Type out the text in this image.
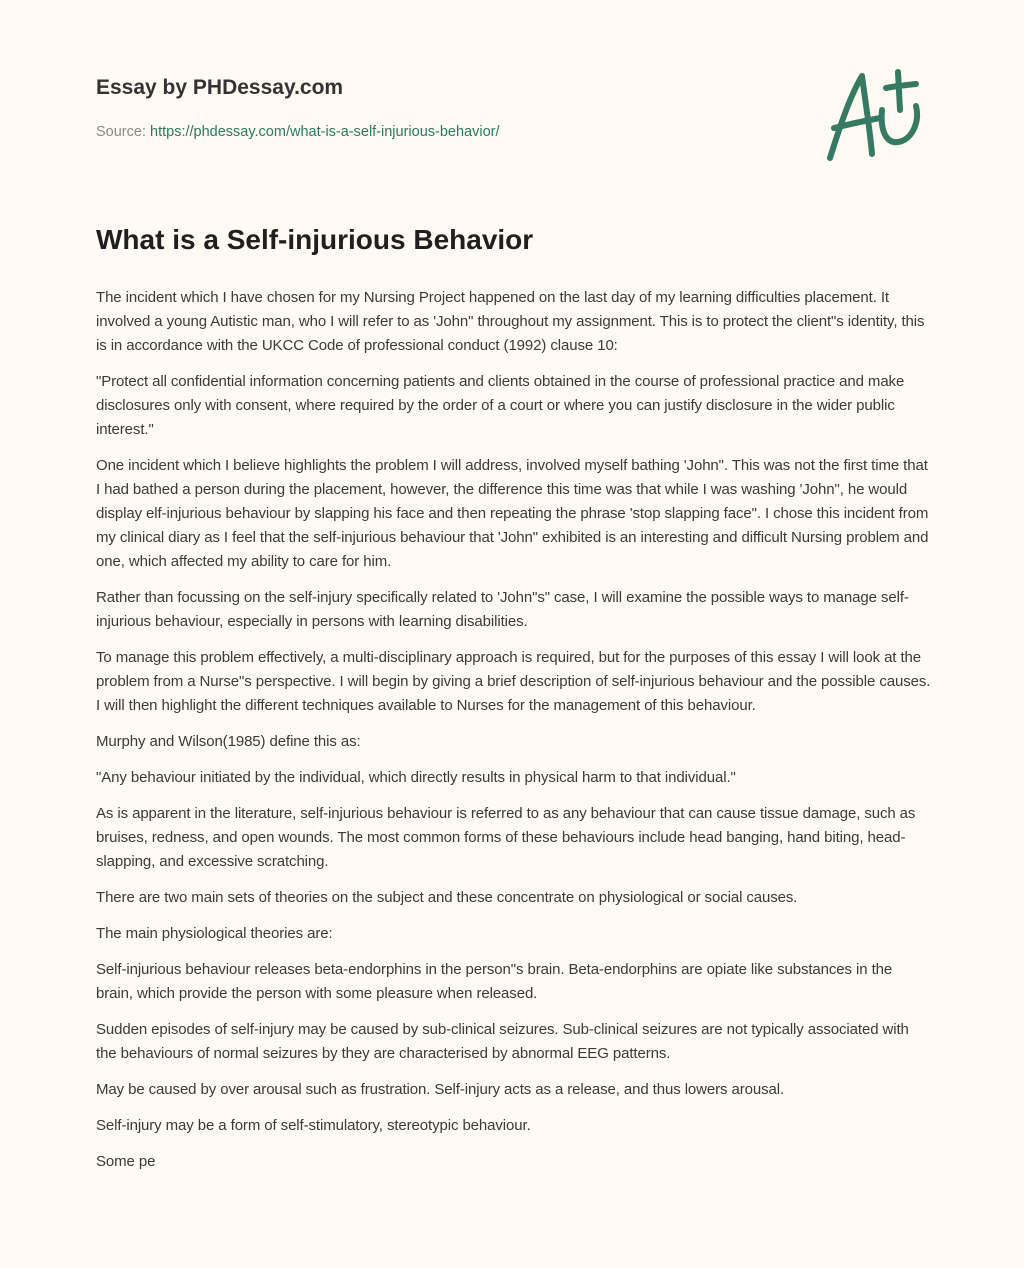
Essay by PHDessay.com
Source: https://phdessay.com/what-is-a-self-injurious-behavior/
What is a Self-injurious Behavior

The incident which I have chosen for my Nursing Project happened on the last day of my learning difficulties placement. It involved a young Autistic man, who I will refer to as 'John" throughout my assignment. This is to protect the client"s identity, this is in accordance with the UKCC Code of professional conduct (1992) clause 10:

"Protect all confidential information concerning patients and clients obtained in the course of professional practice and make disclosures only with consent, where required by the order of a court or where you can justify disclosure in the wider public interest."

One incident which I believe highlights the problem I will address, involved myself bathing 'John". This was not the first time that I had bathed a person during the placement, however, the difference this time was that while I was washing 'John", he would display elf-injurious behaviour by slapping his face and then repeating the phrase 'stop slapping face". I chose this incident from my clinical diary as I feel that the self-injurious behaviour that 'John" exhibited is an interesting and difficult Nursing problem and one, which affected my ability to care for him.

Rather than focussing on the self-injury specifically related to 'John"s" case, I will examine the possible ways to manage self-injurious behaviour, especially in persons with learning disabilities.

To manage this problem effectively, a multi-disciplinary approach is required, but for the purposes of this essay I will look at the problem from a Nurse"s perspective. I will begin by giving a brief description of self-injurious behaviour and the possible causes. I will then highlight the different techniques available to Nurses for the management of this behaviour.

Murphy and Wilson(1985) define this as:

"Any behaviour initiated by the individual, which directly results in physical harm to that individual."

As is apparent in the literature, self-injurious behaviour is referred to as any behaviour that can cause tissue damage, such as bruises, redness, and open wounds. The most common forms of these behaviours include head banging, hand biting, head-slapping, and excessive scratching.

There are two main sets of theories on the subject and these concentrate on physiological or social causes.

The main physiological theories are:

Self-injurious behaviour releases beta-endorphins in the person"s brain. Beta-endorphins are opiate like substances in the brain, which provide the person with some pleasure when released.

Sudden episodes of self-injury may be caused by sub-clinical seizures. Sub-clinical seizures are not typically associated with the behaviours of normal seizures by they are characterised by abnormal EEG patterns.

May be caused by over arousal such as frustration. Self-injury acts as a release, and thus lowers arousal.

Self-injury may be a form of self-stimulatory, stereotypic behaviour.

Some pe
